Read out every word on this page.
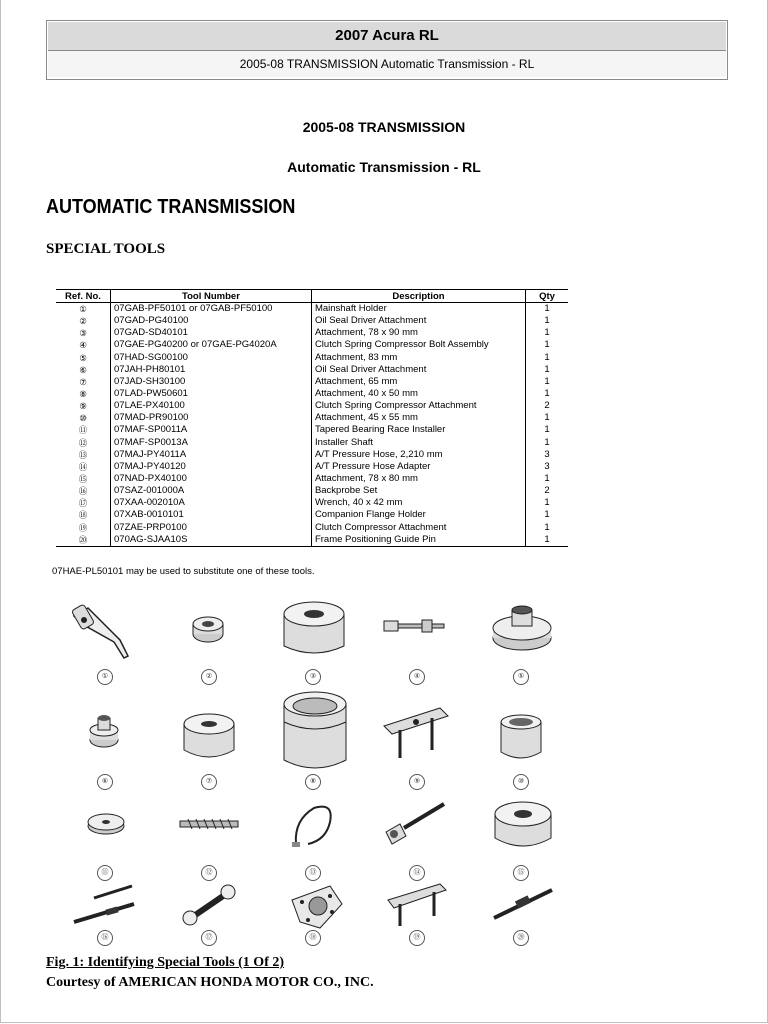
2007 Acura RL
2005-08 TRANSMISSION Automatic Transmission - RL
2005-08 TRANSMISSION
Automatic Transmission - RL
AUTOMATIC TRANSMISSION
SPECIAL TOOLS
Ref. No.	Tool Number	Description	Qty
①	07GAB-PF50101 or 07GAB-PF50100	Mainshaft Holder	1
②	07GAD-PG40100	Oil Seal Driver Attachment	1
③	07GAD-SD40101	Attachment, 78 x 90 mm	1
④	07GAE-PG40200 or 07GAE-PG4020A	Clutch Spring Compressor Bolt Assembly	1
⑤	07HAD-SG00100	Attachment, 83 mm	1
⑥	07JAH-PH80101	Oil Seal Driver Attachment	1
⑦	07JAD-SH30100	Attachment, 65 mm	1
⑧	07LAD-PW50601	Attachment, 40 x 50 mm	1
⑨	07LAE-PX40100	Clutch Spring Compressor Attachment	2
⑩	07MAD-PR90100	Attachment, 45 x 55 mm	1
⑪	07MAF-SP0011A	Tapered Bearing Race Installer	1
⑫	07MAF-SP0013A	Installer Shaft	1
⑬	07MAJ-PY4011A	A/T Pressure Hose, 2,210 mm	3
⑭	07MAJ-PY40120	A/T Pressure Hose Adapter	3
⑮	07NAD-PX40100	Attachment, 78 x 80 mm	1
⑯	07SAZ-001000A	Backprobe Set	2
⑰	07XAA-002010A	Wrench, 40 x 42 mm	1
⑱	07XAB-0010101	Companion Flange Holder	1
⑲	07ZAE-PRP0100	Clutch Compressor Attachment	1
⑳	070AG-SJAA10S	Frame Positioning Guide Pin	1
07HAE-PL50101 may be used to substitute one of these tools.
①	②	③	④	⑤
⑥	⑦	⑧	⑨	⑩
⑪	⑫	⑬	⑭	⑮
⑯	⑰	⑱	⑲	⑳
Fig. 1: Identifying Special Tools (1 Of 2)
Courtesy of AMERICAN HONDA MOTOR CO., INC.
